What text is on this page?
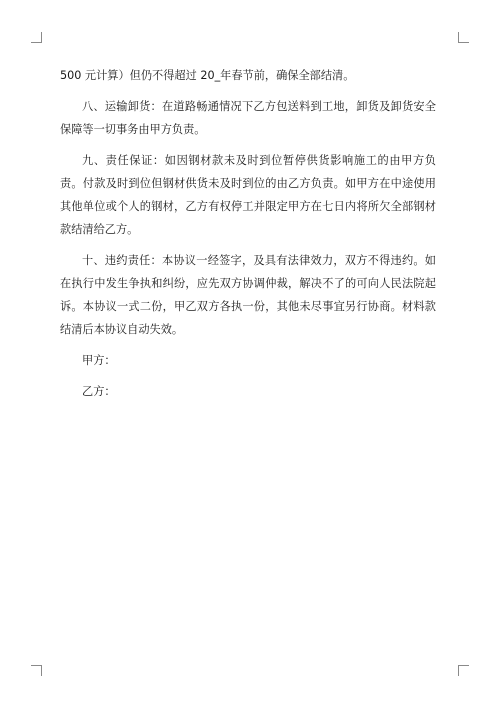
500 元计算）但仍不得超过 20_年春节前，确保全部结清。

八、运输卸货：在道路畅通情况下乙方包送料到工地，卸货及卸货安全保障等一切事务由甲方负责。

九、责任保证：如因钢材款未及时到位暂停供货影响施工的由甲方负责。付款及时到位但钢材供货未及时到位的由乙方负责。如甲方在中途使用其他单位或个人的钢材，乙方有权停工并限定甲方在七日内将所欠全部钢材款结清给乙方。

十、违约责任：本协议一经签字，及具有法律效力，双方不得违约。如在执行中发生争执和纠纷，应先双方协调仲裁，解决不了的可向人民法院起诉。本协议一式二份，甲乙双方各执一份，其他未尽事宜另行协商。材料款结清后本协议自动失效。

甲方：

乙方：
